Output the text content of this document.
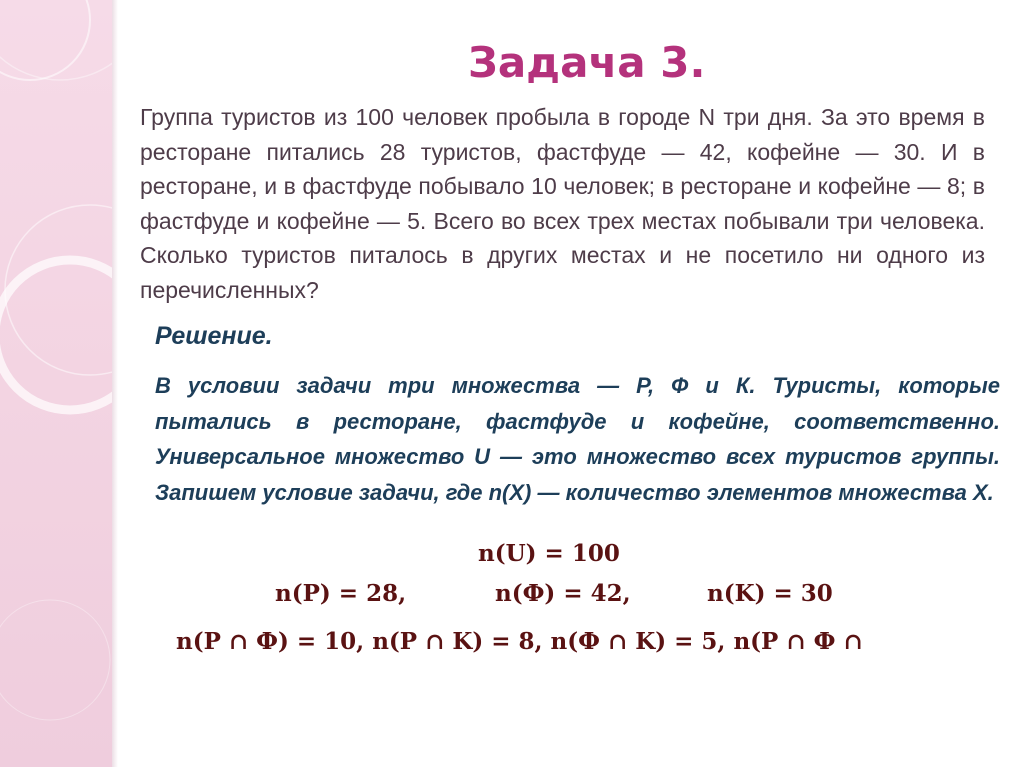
Задача 3.

Группа туристов из 100 человек пробыла в городе N три дня. За это время в ресторане питались 28 туристов, фастфуде — 42, кофейне — 30. И в ресторане, и в фастфуде побывало 10 человек; в ресторане и кофейне — 8; в фастфуде и кофейне — 5. Всего во всех трех местах побывали три человека. Сколько туристов питалось в других местах и не посетило ни одного из перечисленных?

Решение.

В условии задачи три множества — Р, Ф и К. Туристы, которые пытались в ресторане, фастфуде и кофейне, соответственно. Универсальное множество U — это множество всех туристов группы. Запишем условие задачи, где n(X) — количество элементов множества X.

n(U) = 100

n(P) = 28,	n(Ф) = 42,	n(K) = 30

n(P ∩ Ф) = 10, n(P ∩ K) = 8, n(Ф ∩ K) = 5, n(P ∩ Ф ∩
